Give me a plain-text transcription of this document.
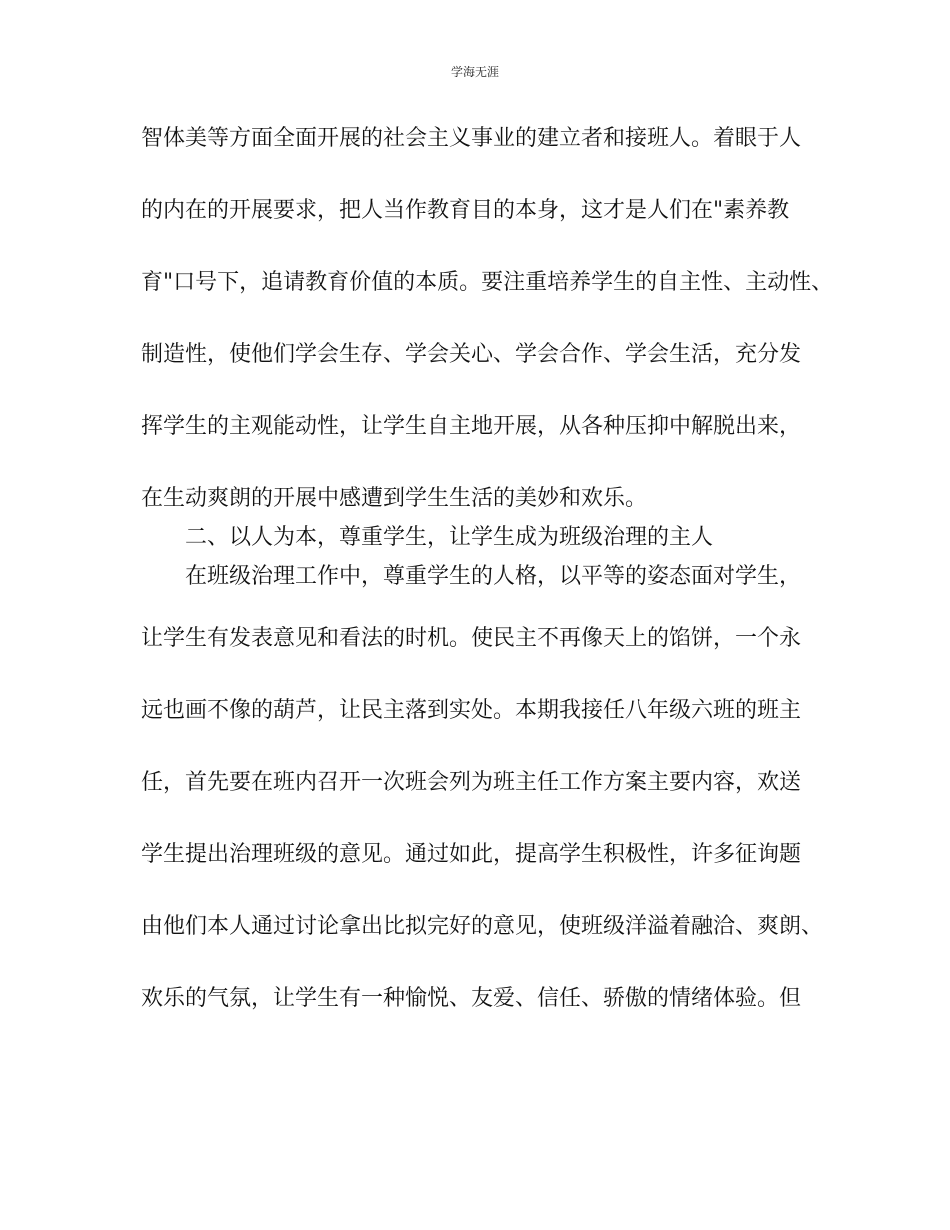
学海无涯
智体美等方面全面开展的社会主义事业的建立者和接班人。着眼于人
的内在的开展要求，把人当作教育目的本身，这才是人们在"素养教
育"口号下，追请教育价值的本质。要注重培养学生的自主性、主动性、
制造性，使他们学会生存、学会关心、学会合作、学会生活，充分发
挥学生的主观能动性，让学生自主地开展，从各种压抑中解脱出来，
在生动爽朗的开展中感遭到学生生活的美妙和欢乐。
二、以人为本，尊重学生，让学生成为班级治理的主人
在班级治理工作中，尊重学生的人格，以平等的姿态面对学生，
让学生有发表意见和看法的时机。使民主不再像天上的馅饼，一个永
远也画不像的葫芦，让民主落到实处。本期我接任八年级六班的班主
任，首先要在班内召开一次班会列为班主任工作方案主要内容，欢送
学生提出治理班级的意见。通过如此，提高学生积极性，许多征询题
由他们本人通过讨论拿出比拟完好的意见，使班级洋溢着融洽、爽朗、
欢乐的气氛，让学生有一种愉悦、友爱、信任、骄傲的情绪体验。但
